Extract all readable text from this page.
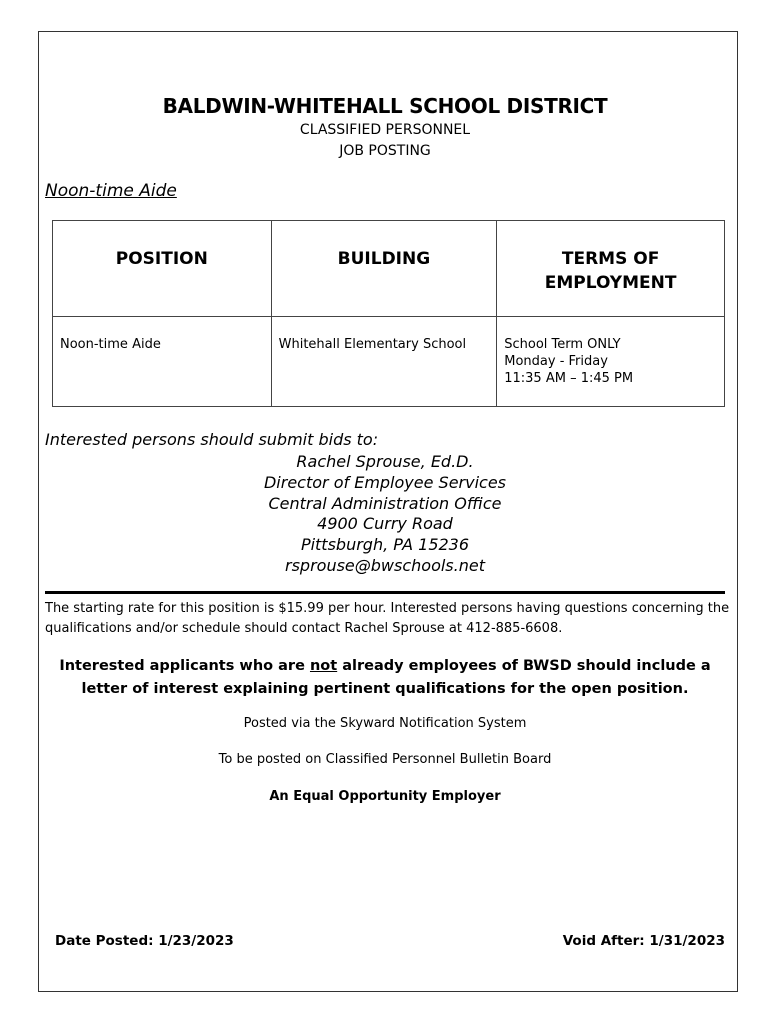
BALDWIN-WHITEHALL SCHOOL DISTRICT
CLASSIFIED PERSONNEL
JOB POSTING
Noon-time Aide
POSITION	BUILDING	TERMS OF EMPLOYMENT
Noon-time Aide	Whitehall Elementary School	School Term ONLY
Monday - Friday
11:35 AM – 1:45 PM
Interested persons should submit bids to:
Rachel Sprouse, Ed.D.
Director of Employee Services
Central Administration Office
4900 Curry Road
Pittsburgh, PA 15236
rsprouse@bwschools.net
The starting rate for this position is $15.99 per hour. Interested persons having questions concerning the qualifications and/or schedule should contact Rachel Sprouse at 412-885-6608.
Interested applicants who are not already employees of BWSD should include a letter of interest explaining pertinent qualifications for the open position.
Posted via the Skyward Notification System
To be posted on Classified Personnel Bulletin Board
An Equal Opportunity Employer
Date Posted: 1/23/2023	Void After: 1/31/2023
